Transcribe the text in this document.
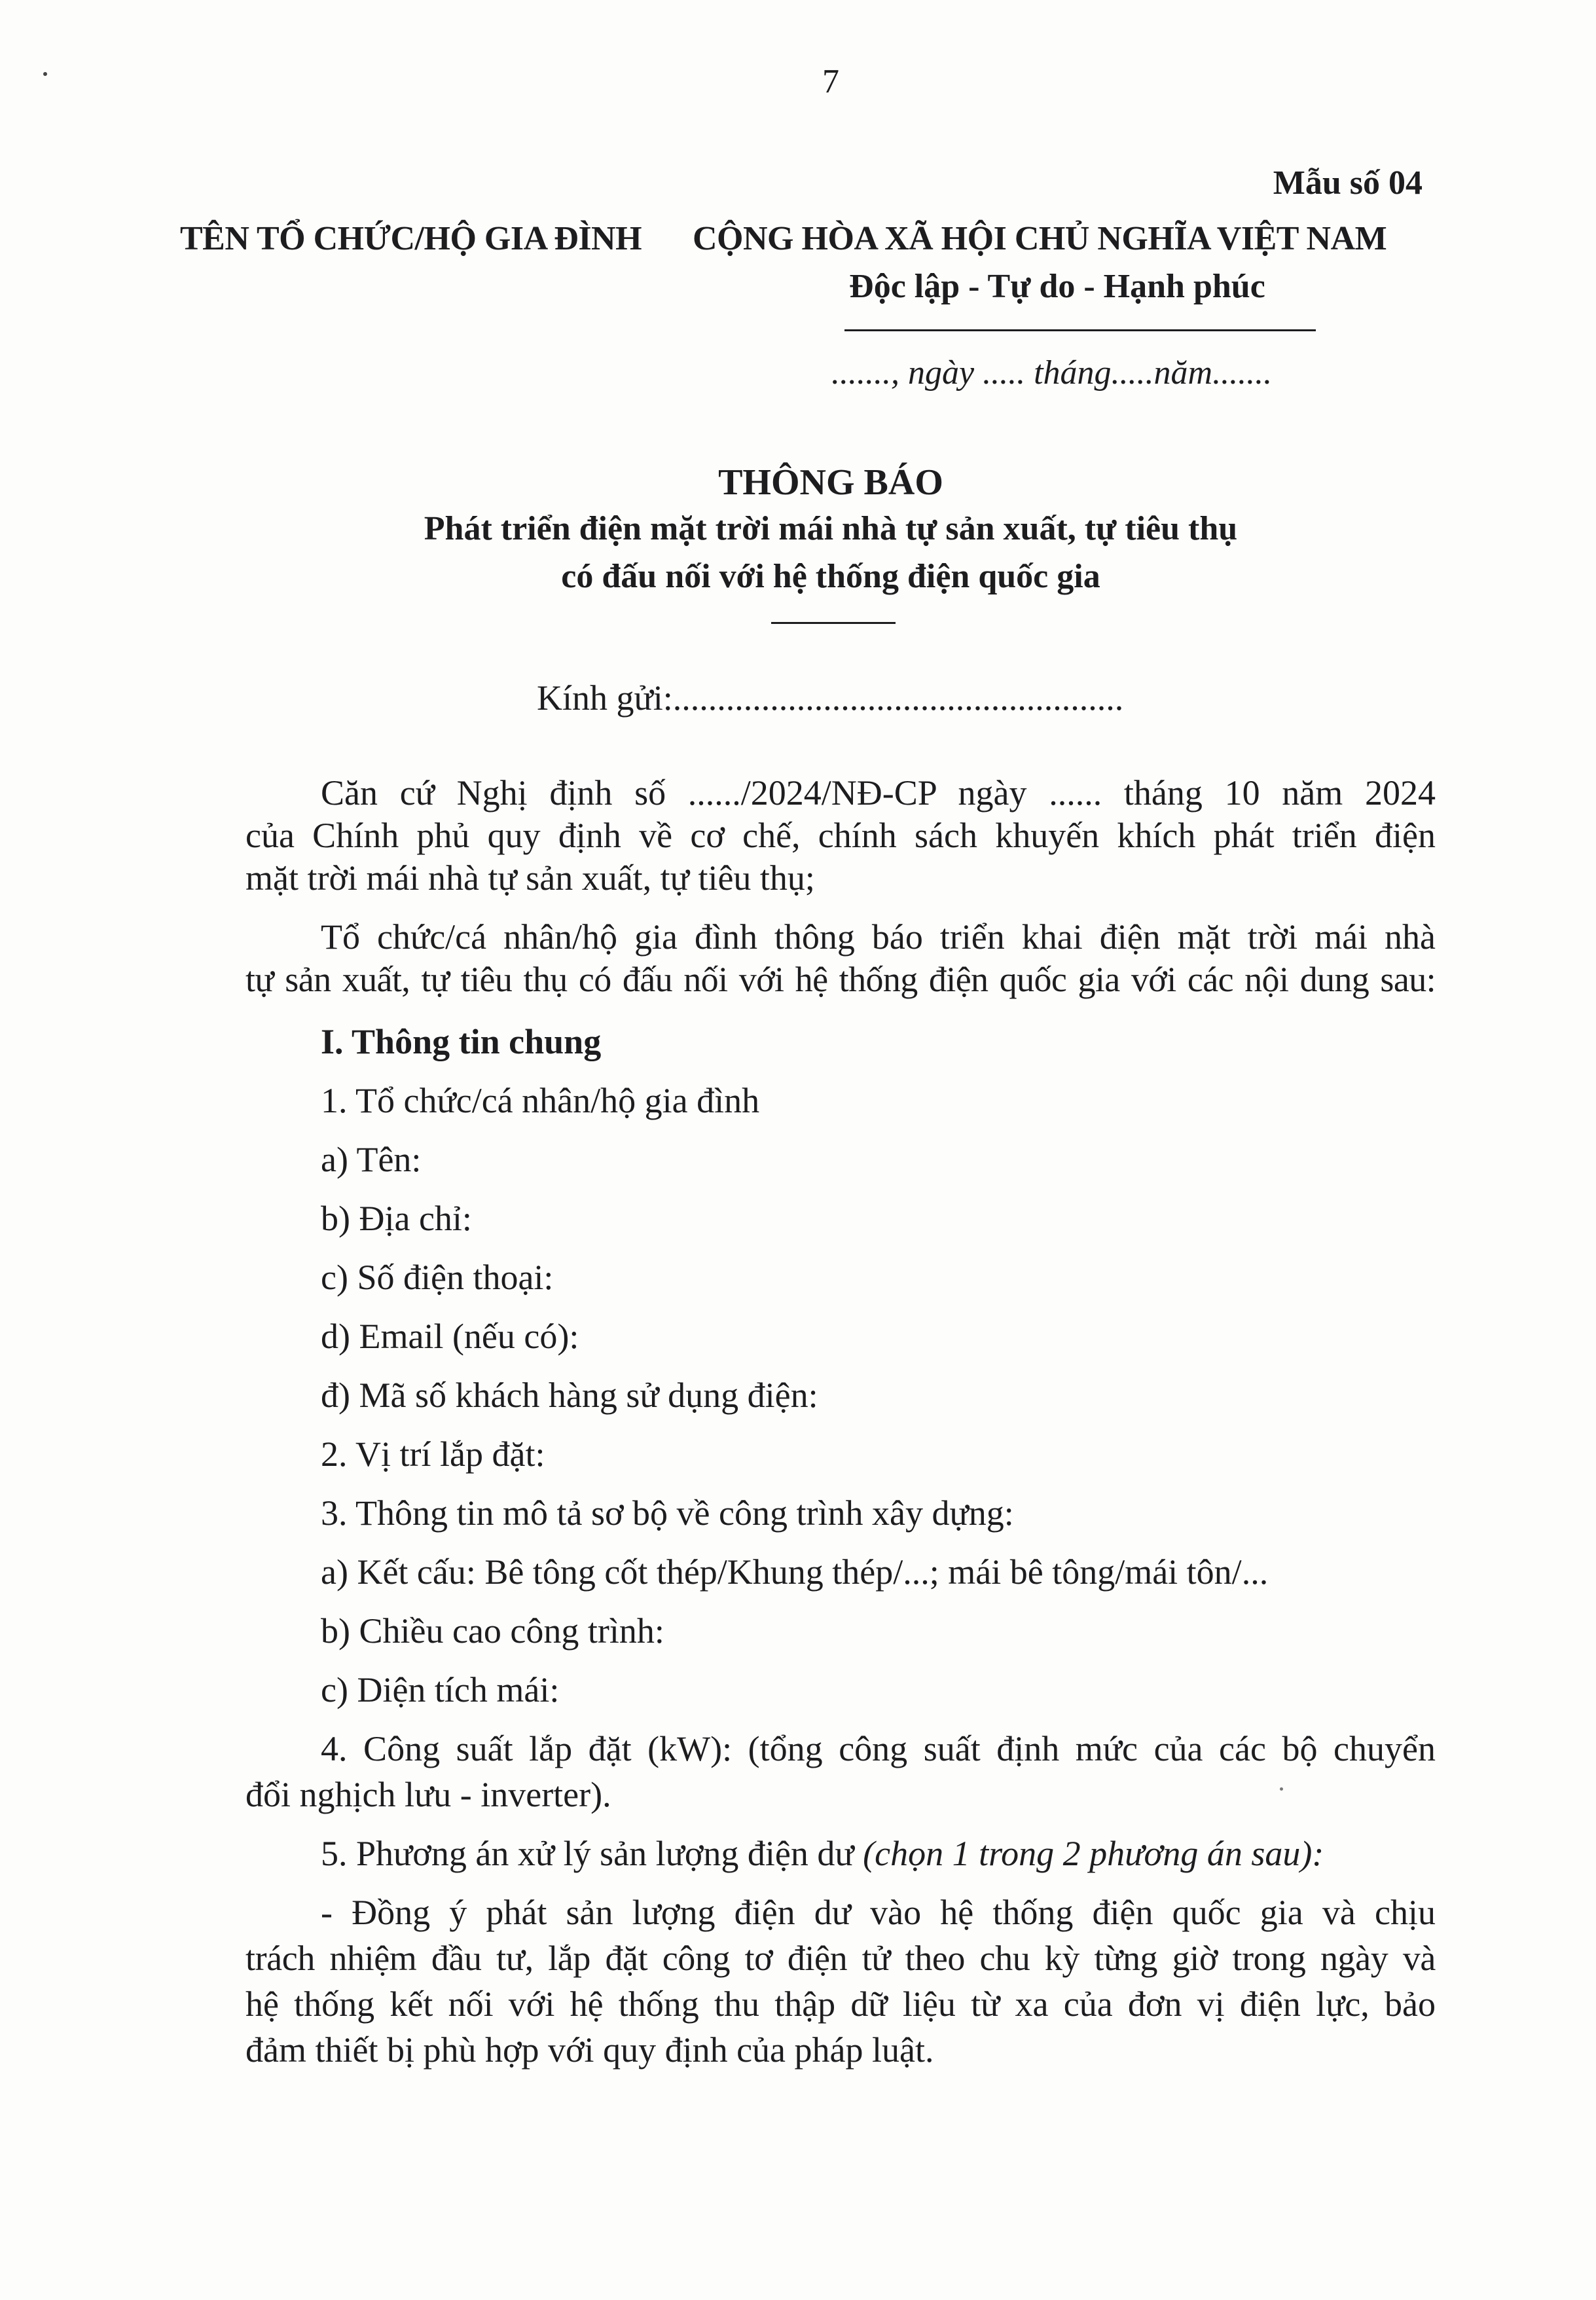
7
Mẫu số 04
TÊN TỔ CHỨC/HỘ GIA ĐÌNH CỘNG HÒA XÃ HỘI CHỦ NGHĨA VIỆT NAM
Độc lập - Tự do - Hạnh phúc
......., ngày ..... tháng.....năm.......
THÔNG BÁO
Phát triển điện mặt trời mái nhà tự sản xuất, tự tiêu thụ
có đấu nối với hệ thống điện quốc gia
Kính gửi:...................................................
Căn cứ Nghị định số ....../2024/NĐ-CP ngày ...... tháng 10 năm 2024
của Chính phủ quy định về cơ chế, chính sách khuyến khích phát triển điện
mặt trời mái nhà tự sản xuất, tự tiêu thụ;
Tổ chức/cá nhân/hộ gia đình thông báo triển khai điện mặt trời mái nhà
tự sản xuất, tự tiêu thụ có đấu nối với hệ thống điện quốc gia với các nội dung sau:
I. Thông tin chung
1. Tổ chức/cá nhân/hộ gia đình
a) Tên:
b) Địa chỉ:
c) Số điện thoại:
d) Email (nếu có):
đ) Mã số khách hàng sử dụng điện:
2. Vị trí lắp đặt:
3. Thông tin mô tả sơ bộ về công trình xây dựng:
a) Kết cấu: Bê tông cốt thép/Khung thép/...; mái bê tông/mái tôn/...
b) Chiều cao công trình:
c) Diện tích mái:
4. Công suất lắp đặt (kW): (tổng công suất định mức của các bộ chuyển
đổi nghịch lưu - inverter).
5. Phương án xử lý sản lượng điện dư (chọn 1 trong 2 phương án sau):
- Đồng ý phát sản lượng điện dư vào hệ thống điện quốc gia và chịu
trách nhiệm đầu tư, lắp đặt công tơ điện tử theo chu kỳ từng giờ trong ngày và
hệ thống kết nối với hệ thống thu thập dữ liệu từ xa của đơn vị điện lực, bảo
đảm thiết bị phù hợp với quy định của pháp luật.
